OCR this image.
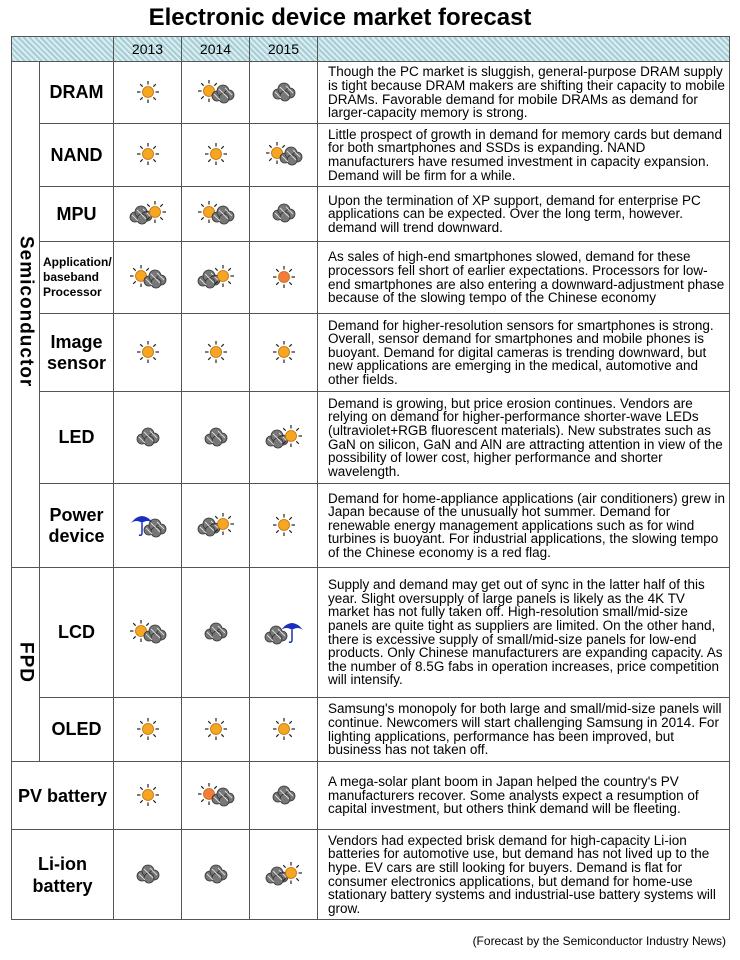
Electronic device market forecast
		2013	2014	2015	
Semiconductor	DRAM				Though the PC market is sluggish, general-purpose DRAM supply is tight because DRAM makers are shifting their capacity to mobile DRAMs. Favorable demand for mobile DRAMs as demand for larger-capacity memory is strong.
	NAND				Little prospect of growth in demand for memory cards but demand for both smartphones and SSDs is expanding. NAND manufacturers have resumed investment in capacity expansion. Demand will be firm for a while.
	MPU				Upon the termination of XP support, demand for enterprise PC applications can be expected. Over the long term, however. demand will trend downward.
	Application/ baseband Processor				As sales of high-end smartphones slowed, demand for these processors fell short of earlier expectations. Processors for low-end smartphones are also entering a downward-adjustment phase because of the slowing tempo of the Chinese economy
	Image sensor				Demand for higher-resolution sensors for smartphones is strong. Overall, sensor demand for smartphones and mobile phones is buoyant. Demand for digital cameras is trending downward, but new applications are emerging in the medical, automotive and other fields.
	LED				Demand is growing, but price erosion continues. Vendors are relying on demand for higher-performance shorter-wave LEDs (ultraviolet+RGB fluorescent materials). New substrates such as GaN on silicon, GaN and AlN are attracting attention in view of the possibility of lower cost, higher performance and shorter wavelength.
	Power device				Demand for home-appliance applications (air conditioners) grew in Japan because of the unusually hot summer. Demand for renewable energy management applications such as for wind turbines is buoyant. For industrial applications, the slowing tempo of the Chinese economy is a red flag.
FPD	LCD				Supply and demand may get out of sync in the latter half of this year. Slight oversupply of large panels is likely as the 4K TV market has not fully taken off. High-resolution small/mid-size panels are quite tight as suppliers are limited. On the other hand, there is excessive supply of small/mid-size panels for low-end products. Only Chinese manufacturers are expanding capacity. As the number of 8.5G fabs in operation increases, price competition will intensify.
	OLED				Samsung's monopoly for both large and small/mid-size panels will continue. Newcomers will start challenging Samsung in 2014. For lighting applications, performance has been improved, but business has not taken off.
PV battery					A mega-solar plant boom in Japan helped the country's PV manufacturers recover. Some analysts expect a resumption of capital investment, but others think demand will be fleeting.
Li-ion battery					Vendors had expected brisk demand for high-capacity Li-ion batteries for automotive use, but demand has not lived up to the hype. EV cars are still looking for buyers. Demand is flat for consumer electronics applications, but demand for home-use stationary battery systems and industrial-use battery systems will grow.
(Forecast by the Semiconductor Industry News)
